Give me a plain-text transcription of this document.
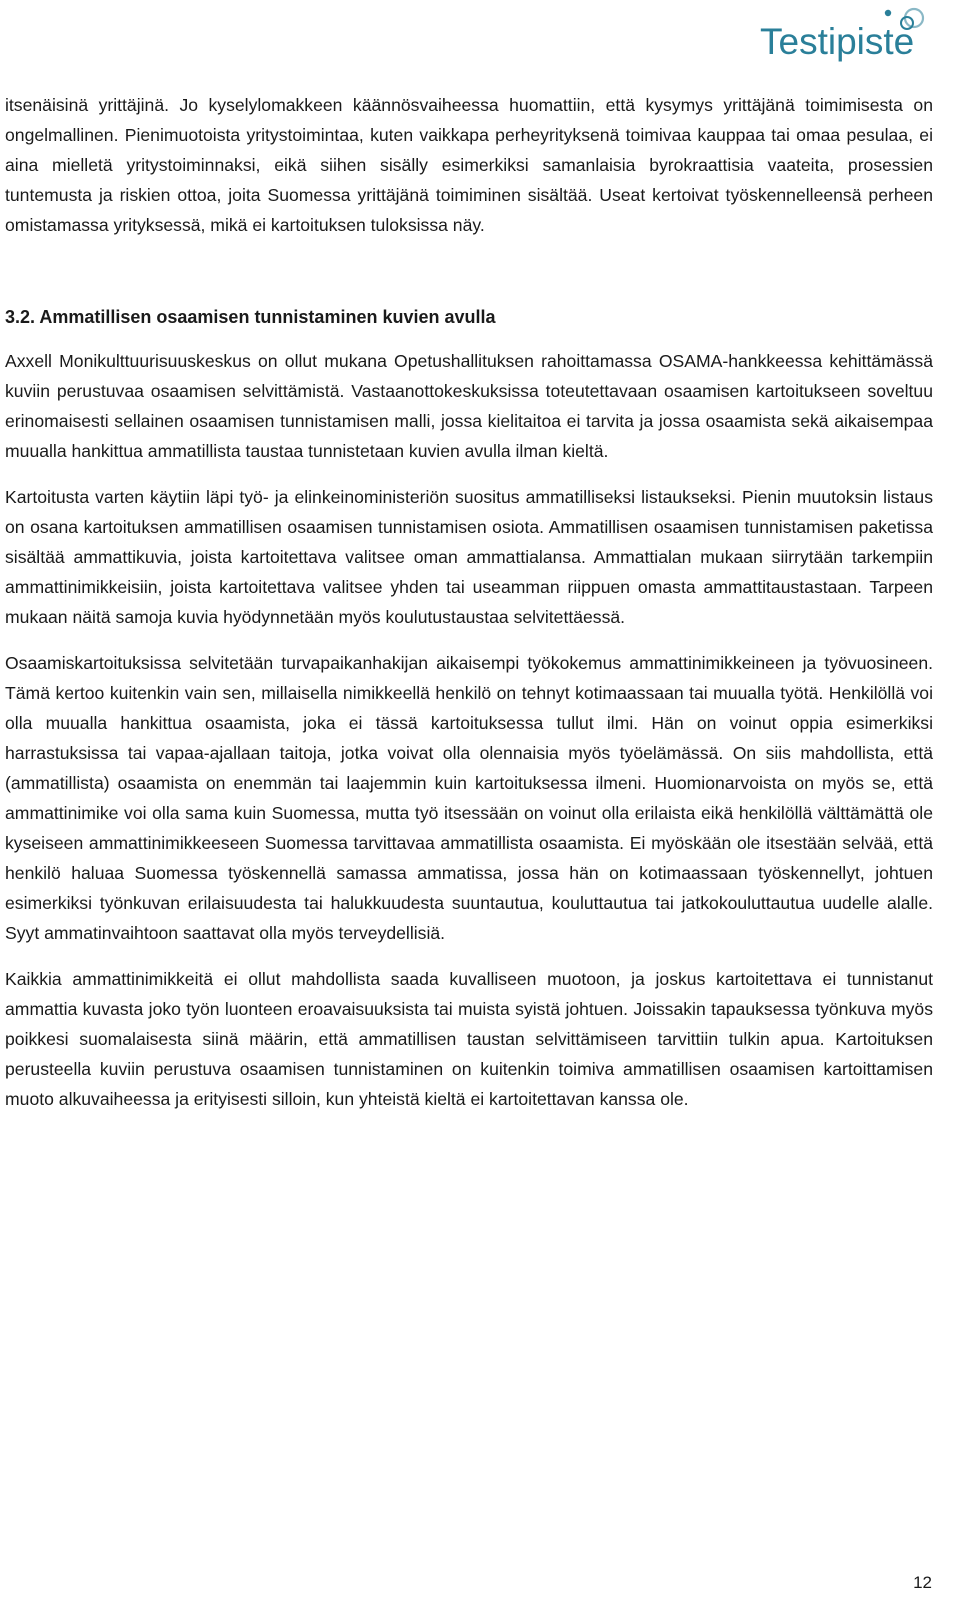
Testipiste

itsenäisinä yrittäjinä. Jo kyselylomakkeen käännösvaiheessa huomattiin, että kysymys yrittäjänä toimimisesta on ongelmallinen. Pienimuotoista yritystoimintaa, kuten vaikkapa perheyrityksenä toimivaa kauppaa tai omaa pesulaa, ei aina mielletä yritystoiminnaksi, eikä siihen sisälly esimerkiksi samanlaisia byrokraattisia vaateita, prosessien tuntemusta ja riskien ottoa, joita Suomessa yrittäjänä toimiminen sisältää. Useat kertoivat työskennelleensä perheen omistamassa yrityksessä, mikä ei kartoituksen tuloksissa näy.

3.2. Ammatillisen osaamisen tunnistaminen kuvien avulla

Axxell Monikulttuurisuuskeskus on ollut mukana Opetushallituksen rahoittamassa OSAMA-hankkeessa kehittämässä kuviin perustuvaa osaamisen selvittämistä. Vastaanottokeskuksissa toteutettavaan osaamisen kartoitukseen soveltuu erinomaisesti sellainen osaamisen tunnistamisen malli, jossa kielitaitoa ei tarvita ja jossa osaamista sekä aikaisempaa muualla hankittua ammatillista taustaa tunnistetaan kuvien avulla ilman kieltä.

Kartoitusta varten käytiin läpi työ- ja elinkeinoministeriön suositus ammatilliseksi listaukseksi. Pienin muutoksin listaus on osana kartoituksen ammatillisen osaamisen tunnistamisen osiota. Ammatillisen osaamisen tunnistamisen paketissa sisältää ammattikuvia, joista kartoitettava valitsee oman ammattialansa. Ammattialan mukaan siirrytään tarkempiin ammattinimikkeisiin, joista kartoitettava valitsee yhden tai useamman riippuen omasta ammattitaustastaan. Tarpeen mukaan näitä samoja kuvia hyödynnetään myös koulutustaustaa selvitettäessä.

Osaamiskartoituksissa selvitetään turvapaikanhakijan aikaisempi työkokemus ammattinimikkeineen ja työvuosineen. Tämä kertoo kuitenkin vain sen, millaisella nimikkeellä henkilö on tehnyt kotimaassaan tai muualla työtä. Henkilöllä voi olla muualla hankittua osaamista, joka ei tässä kartoituksessa tullut ilmi. Hän on voinut oppia esimerkiksi harrastuksissa tai vapaa-ajallaan taitoja, jotka voivat olla olennaisia myös työelämässä. On siis mahdollista, että (ammatillista) osaamista on enemmän tai laajemmin kuin kartoituksessa ilmeni. Huomionarvoista on myös se, että ammattinimike voi olla sama kuin Suomessa, mutta työ itsessään on voinut olla erilaista eikä henkilöllä välttämättä ole kyseiseen ammattinimikkeeseen Suomessa tarvittavaa ammatillista osaamista. Ei myöskään ole itsestään selvää, että henkilö haluaa Suomessa työskennellä samassa ammatissa, jossa hän on kotimaassaan työskennellyt, johtuen esimerkiksi työnkuvan erilaisuudesta tai halukkuudesta suuntautua, kouluttautua tai jatkokouluttautua uudelle alalle. Syyt ammatinvaihtoon saattavat olla myös terveydellisiä.

Kaikkia ammattinimikkeitä ei ollut mahdollista saada kuvalliseen muotoon, ja joskus kartoitettava ei tunnistanut ammattia kuvasta joko työn luonteen eroavaisuuksista tai muista syistä johtuen. Joissakin tapauksessa työnkuva myös poikkesi suomalaisesta siinä määrin, että ammatillisen taustan selvittämiseen tarvittiin tulkin apua. Kartoituksen perusteella kuviin perustuva osaamisen tunnistaminen on kuitenkin toimiva ammatillisen osaamisen kartoittamisen muoto alkuvaiheessa ja erityisesti silloin, kun yhteistä kieltä ei kartoitettavan kanssa ole.

12
